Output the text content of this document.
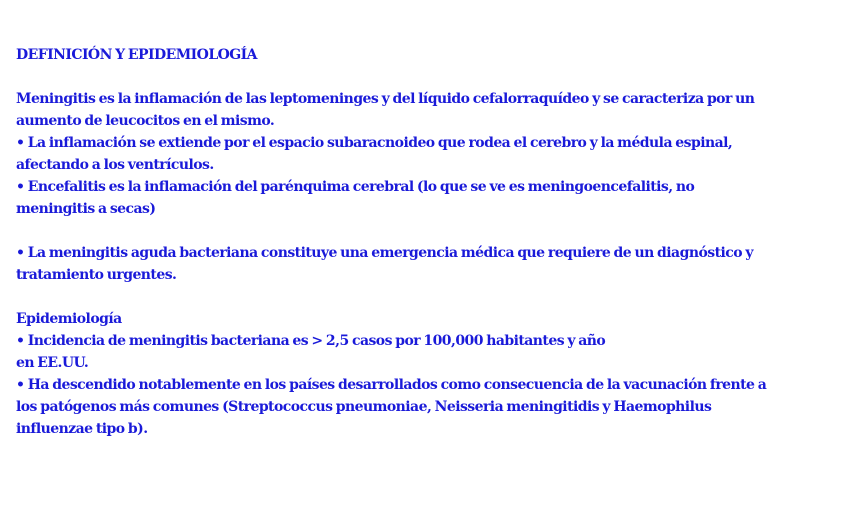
DEFINICIÓN Y EPIDEMIOLOGÍA

Meningitis es la inflamación de las leptomeninges y del líquido cefalorraquídeo y se caracteriza por un
aumento de leucocitos en el mismo.

• La inflamación se extiende por el espacio subaracnoideo que rodea el cerebro y la médula espinal,
afectando a los ventrículos.

• Encefalitis es la inflamación del parénquima cerebral (lo que se ve es meningoencefalitis, no
meningitis a secas)

• La meningitis aguda bacteriana constituye una emergencia médica que requiere de un diagnóstico y
tratamiento urgentes.

Epidemiología

• Incidencia de meningitis bacteriana es > 2,5 casos por 100,000 habitantes y año
en EE.UU.

• Ha descendido notablemente en los países desarrollados como consecuencia de la vacunación frente a
los patógenos más comunes (Streptococcus pneumoniae, Neisseria meningitidis y Haemophilus
influenzae tipo b).
